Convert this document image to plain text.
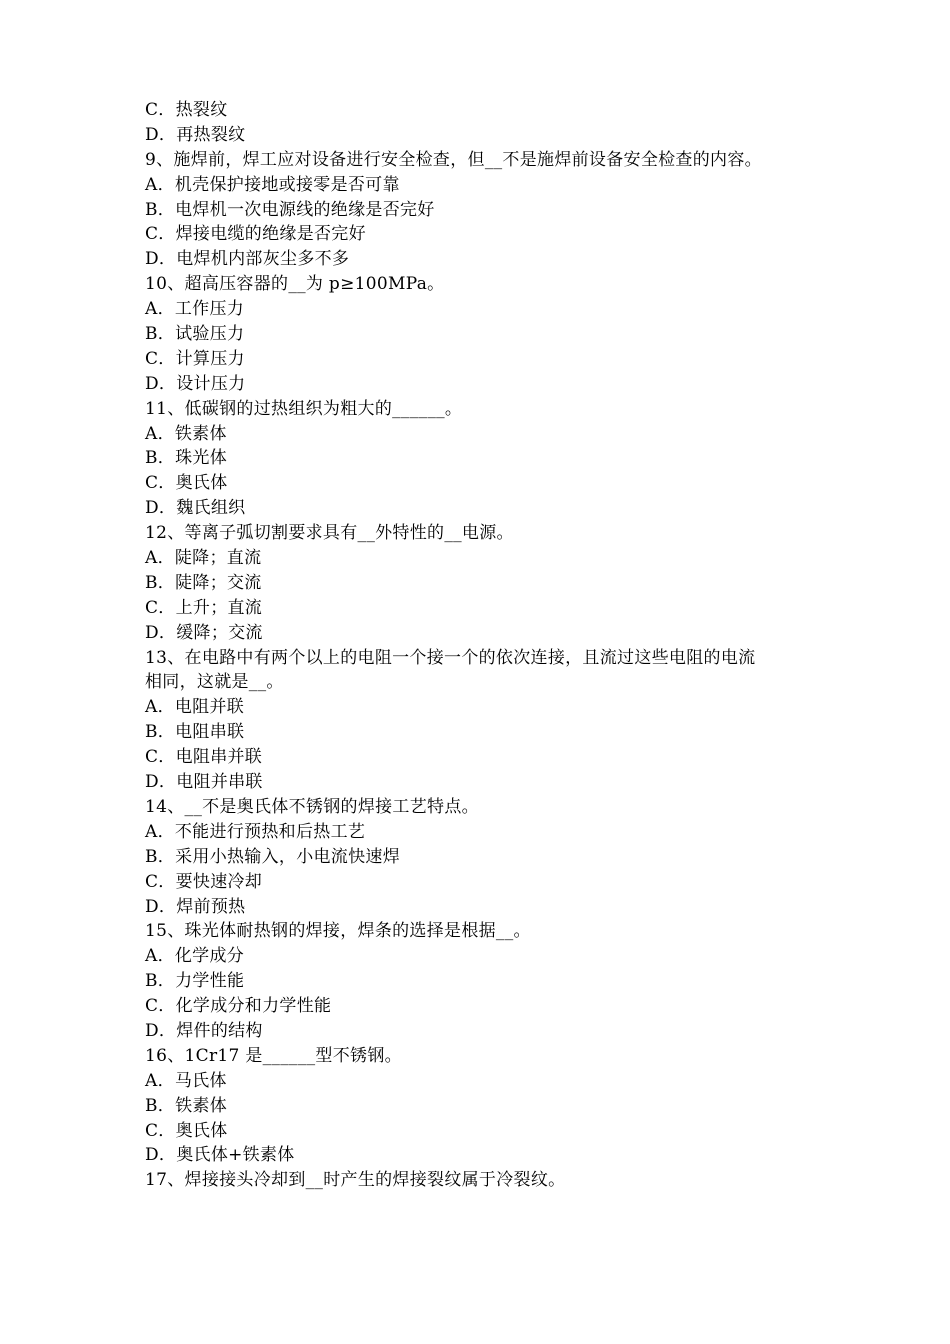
C．热裂纹
D．再热裂纹
9、施焊前，焊工应对设备进行安全检查，但__不是施焊前设备安全检查的内容。
A．机壳保护接地或接零是否可靠
B．电焊机一次电源线的绝缘是否完好
C．焊接电缆的绝缘是否完好
D．电焊机内部灰尘多不多
10、超高压容器的__为 p≥100MPa。
A．工作压力
B．试验压力
C．计算压力
D．设计压力
11、低碳钢的过热组织为粗大的______。
A．铁素体
B．珠光体
C．奥氏体
D．魏氏组织
12、等离子弧切割要求具有__外特性的__电源。
A．陡降；直流
B．陡降；交流
C．上升；直流
D．缓降；交流
13、在电路中有两个以上的电阻一个接一个的依次连接，且流过这些电阻的电流
相同，这就是__。
A．电阻并联
B．电阻串联
C．电阻串并联
D．电阻并串联
14、__不是奥氏体不锈钢的焊接工艺特点。
A．不能进行预热和后热工艺
B．采用小热输入，小电流快速焊
C．要快速冷却
D．焊前预热
15、珠光体耐热钢的焊接，焊条的选择是根据__。
A．化学成分
B．力学性能
C．化学成分和力学性能
D．焊件的结构
16、1Cr17 是______型不锈钢。
A．马氏体
B．铁素体
C．奥氏体
D．奥氏体+铁素体
17、焊接接头冷却到__时产生的焊接裂纹属于冷裂纹。
